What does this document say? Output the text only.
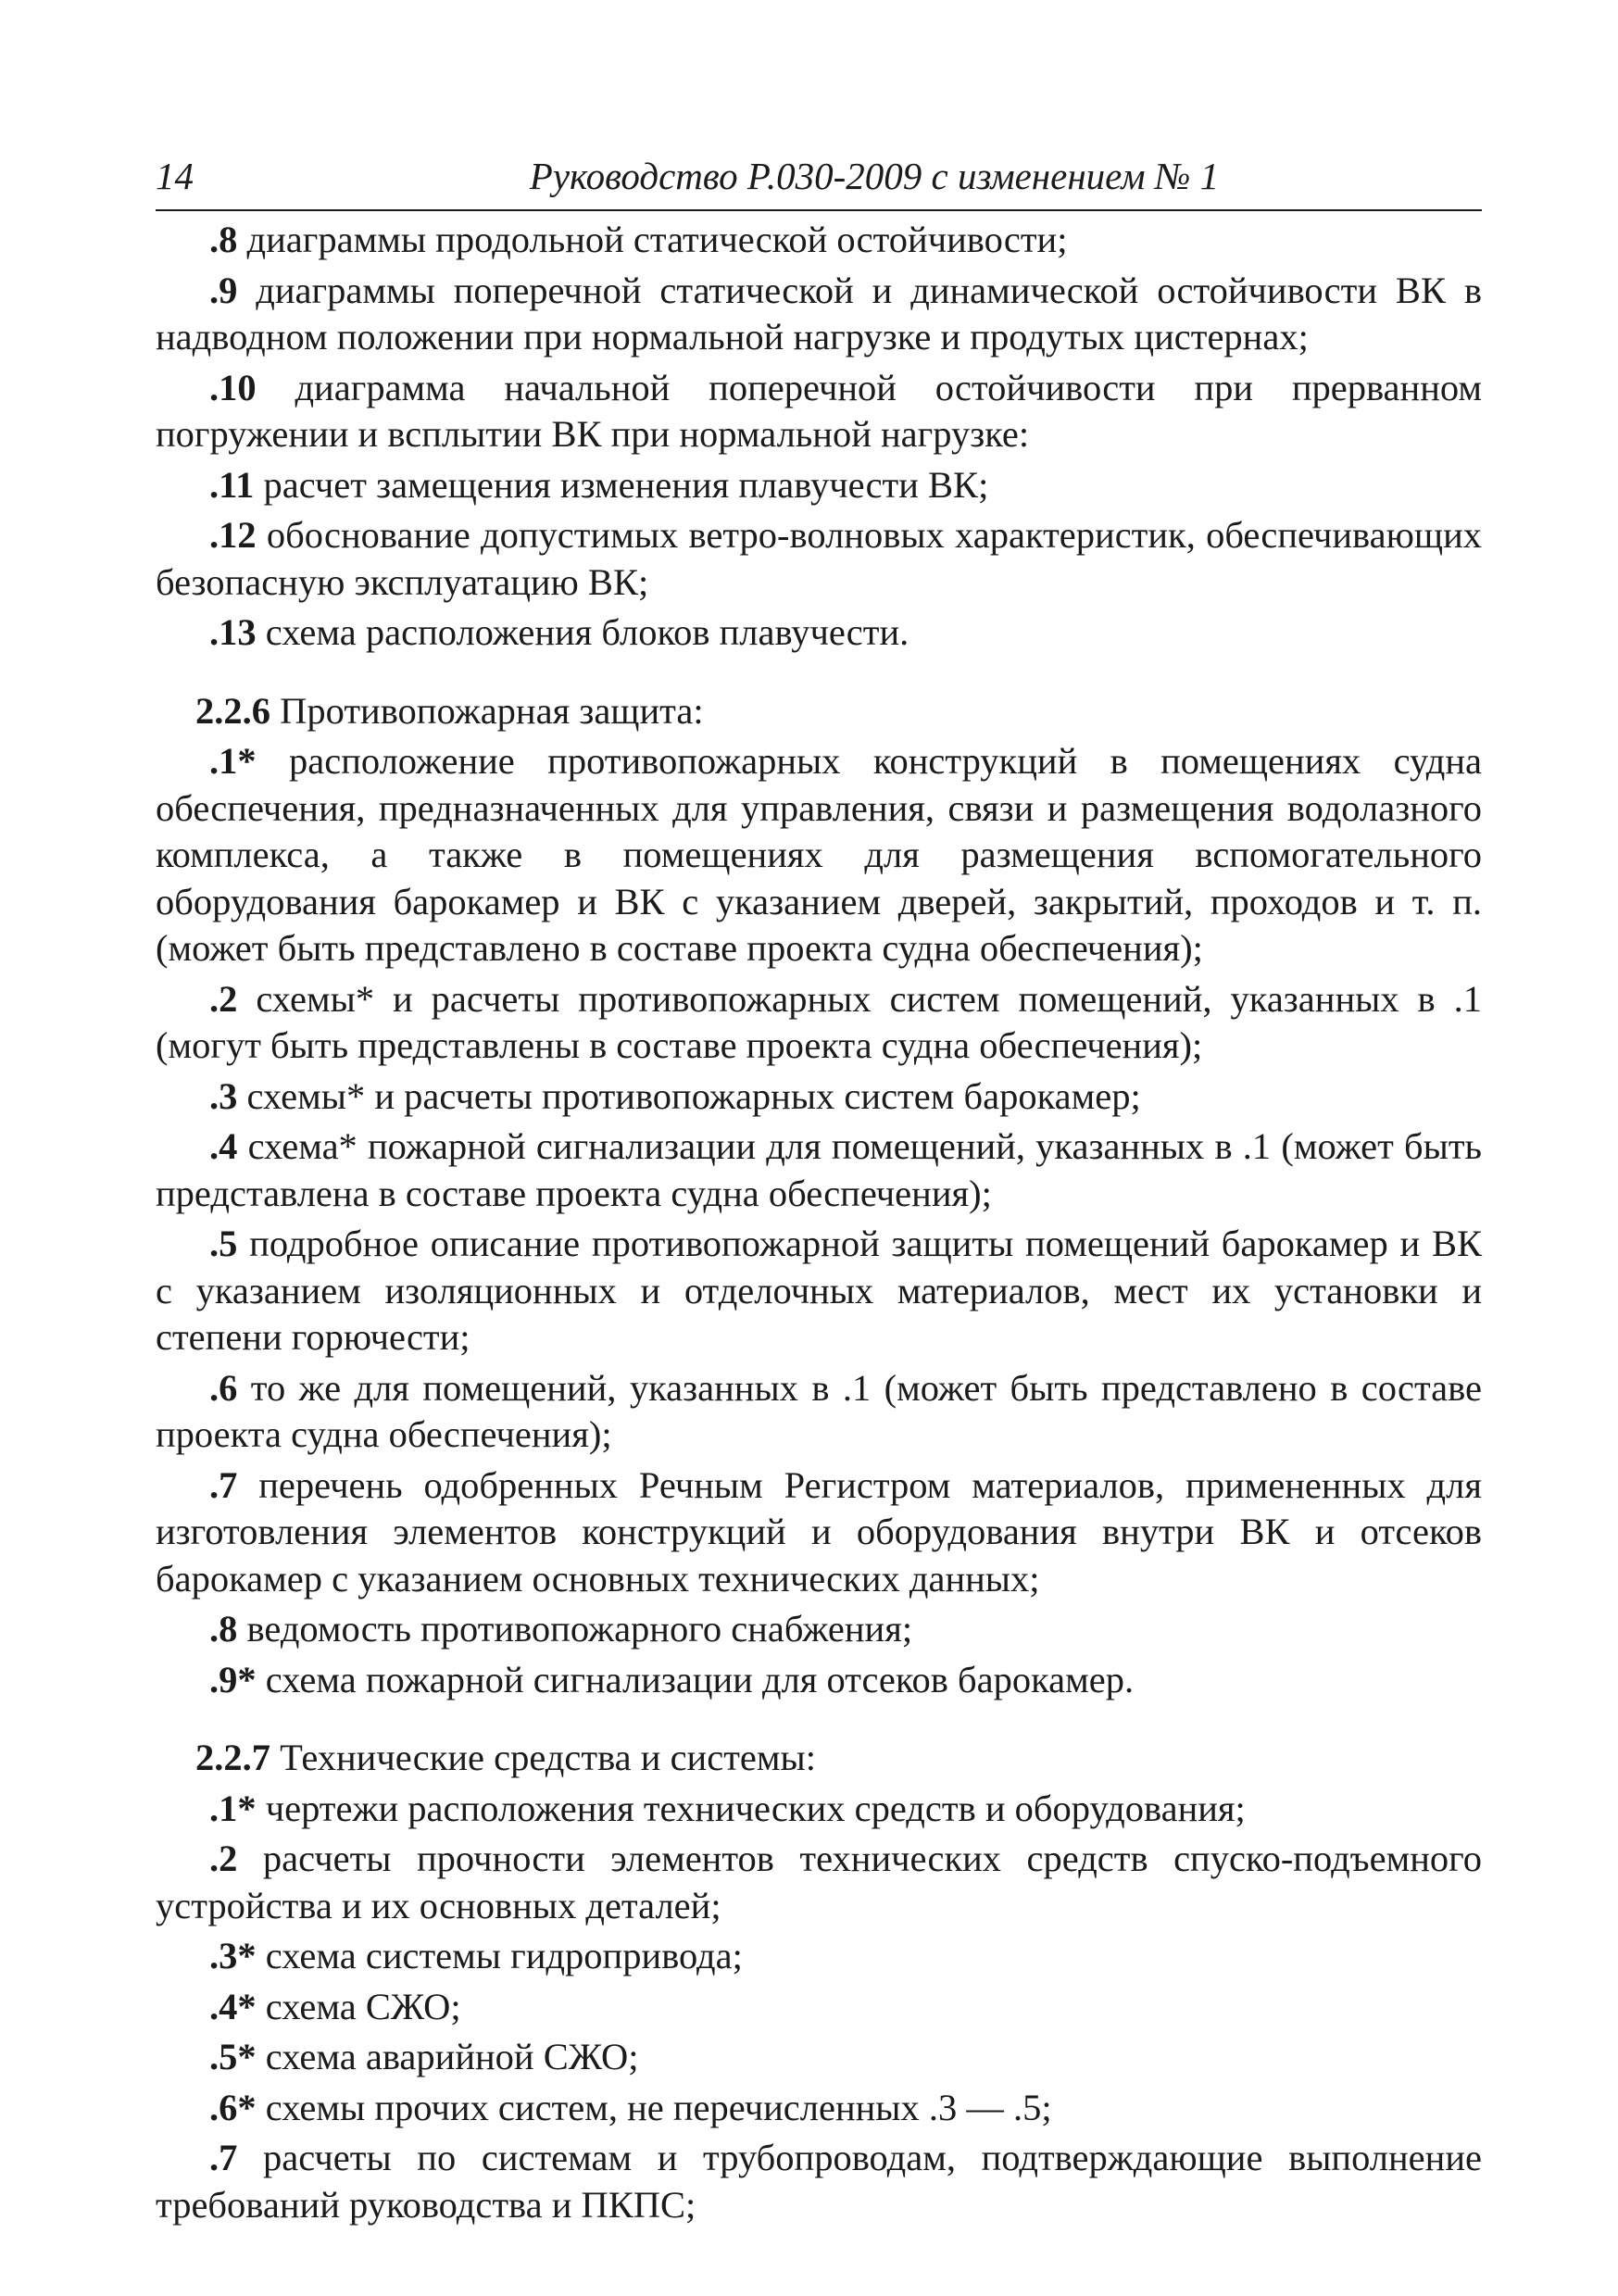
14	Руководство Р.030-2009 с изменением № 1

.8 диаграммы продольной статической остойчивости;

.9 диаграммы поперечной статической и динамической остойчивости ВК в надводном положении при нормальной нагрузке и продутых цистернах;

.10 диаграмма начальной поперечной остойчивости при прерванном погружении и всплытии ВК при нормальной нагрузке:

.11 расчет замещения изменения плавучести ВК;

.12 обоснование допустимых ветро-волновых характеристик, обеспечивающих безопасную эксплуатацию ВК;

.13 схема расположения блоков плавучести.

2.2.6 Противопожарная защита:

.1* расположение противопожарных конструкций в помещениях судна обеспечения, предназначенных для управления, связи и размещения водолазного комплекса, а также в помещениях для размещения вспомогательного оборудования барокамер и ВК с указанием дверей, закрытий, проходов и т. п. (может быть представлено в составе проекта судна обеспечения);

.2 схемы* и расчеты противопожарных систем помещений, указанных в .1 (могут быть представлены в составе проекта судна обеспечения);

.3 схемы* и расчеты противопожарных систем барокамер;

.4 схема* пожарной сигнализации для помещений, указанных в .1 (может быть представлена в составе проекта судна обеспечения);

.5 подробное описание противопожарной защиты помещений барокамер и ВК с указанием изоляционных и отделочных материалов, мест их установки и степени горючести;

.6 то же для помещений, указанных в .1 (может быть представлено в составе проекта судна обеспечения);

.7 перечень одобренных Речным Регистром материалов, примененных для изготовления элементов конструкций и оборудования внутри ВК и отсеков барокамер с указанием основных технических данных;

.8 ведомость противопожарного снабжения;

.9* схема пожарной сигнализации для отсеков барокамер.

2.2.7 Технические средства и системы:

.1* чертежи расположения технических средств и оборудования;

.2 расчеты прочности элементов технических средств спуско-подъемного устройства и их основных деталей;

.3* схема системы гидропривода;

.4* схема СЖО;

.5* схема аварийной СЖО;

.6* схемы прочих систем, не перечисленных .3 — .5;

.7 расчеты по системам и трубопроводам, подтверждающие выполнение требований руководства и ПКПС;
